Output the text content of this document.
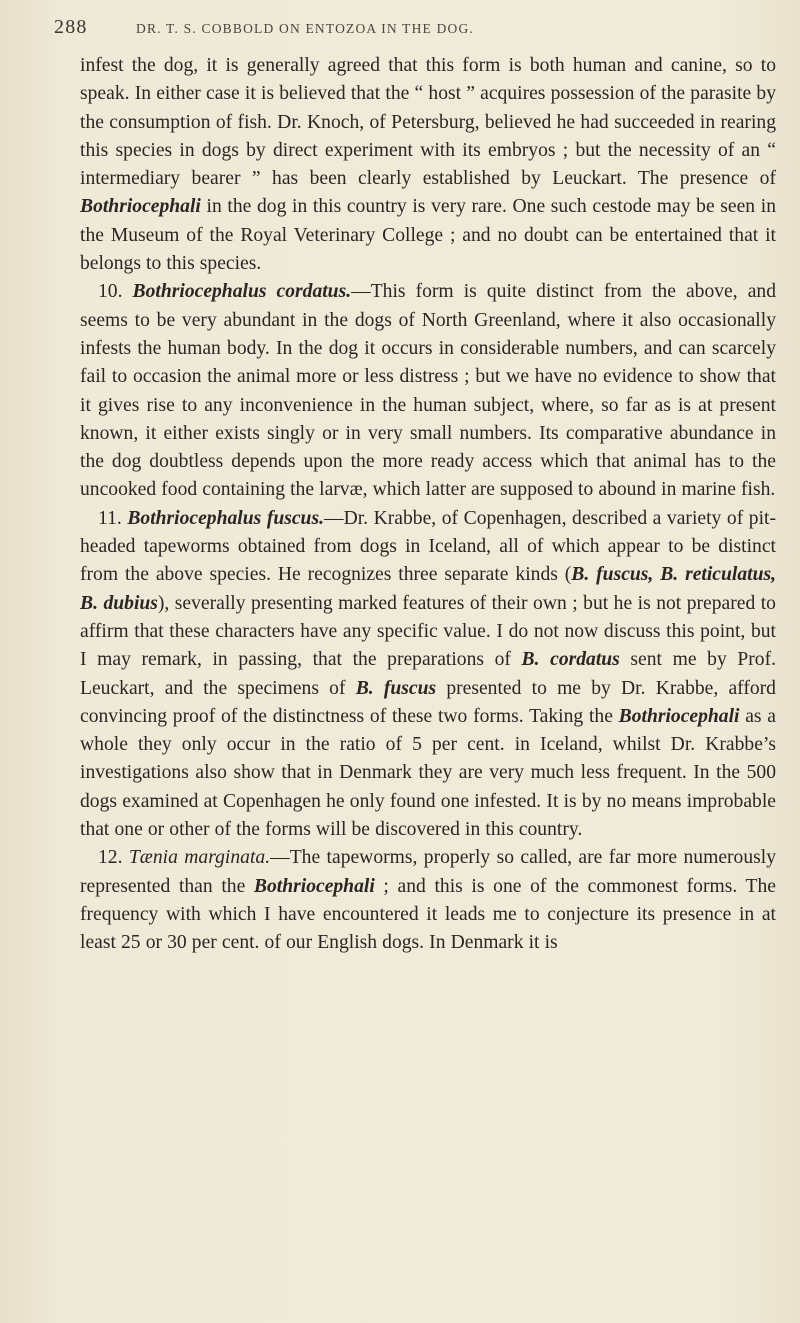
288	DR. T. S. COBBOLD ON ENTOZOA IN THE DOG.

infest the dog, it is generally agreed that this form is both human and canine, so to speak. In either case it is believed that the “ host ” acquires possession of the parasite by the consumption of fish. Dr. Knoch, of Petersburg, believed he had succeeded in rearing this species in dogs by direct experiment with its embryos ; but the necessity of an “ intermediary bearer ” has been clearly established by Leuckart. The presence of Bothriocephali in the dog in this country is very rare. One such cestode may be seen in the Museum of the Royal Veterinary College ; and no doubt can be entertained that it belongs to this species.

10. Bothriocephalus cordatus.—This form is quite distinct from the above, and seems to be very abundant in the dogs of North Greenland, where it also occasionally infests the human body. In the dog it occurs in considerable numbers, and can scarcely fail to occasion the animal more or less distress ; but we have no evidence to show that it gives rise to any inconvenience in the human subject, where, so far as is at present known, it either exists singly or in very small numbers. Its comparative abundance in the dog doubtless depends upon the more ready access which that animal has to the uncooked food containing the larvæ, which latter are supposed to abound in marine fish.

11. Bothriocephalus fuscus.—Dr. Krabbe, of Copenhagen, described a variety of pit-headed tapeworms obtained from dogs in Iceland, all of which appear to be distinct from the above species. He recognizes three separate kinds (B. fuscus, B. reticulatus, B. dubius), severally presenting marked features of their own ; but he is not prepared to affirm that these characters have any specific value. I do not now discuss this point, but I may remark, in passing, that the preparations of B. cordatus sent me by Prof. Leuckart, and the specimens of B. fuscus presented to me by Dr. Krabbe, afford convincing proof of the distinctness of these two forms. Taking the Bothriocephali as a whole they only occur in the ratio of 5 per cent. in Iceland, whilst Dr. Krabbe’s investigations also show that in Denmark they are very much less frequent. In the 500 dogs examined at Copenhagen he only found one infested. It is by no means improbable that one or other of the forms will be discovered in this country.

12. Tænia marginata.—The tapeworms, properly so called, are far more numerously represented than the Bothriocephali ; and this is one of the commonest forms. The frequency with which I have encountered it leads me to conjecture its presence in at least 25 or 30 per cent. of our English dogs. In Denmark it is
